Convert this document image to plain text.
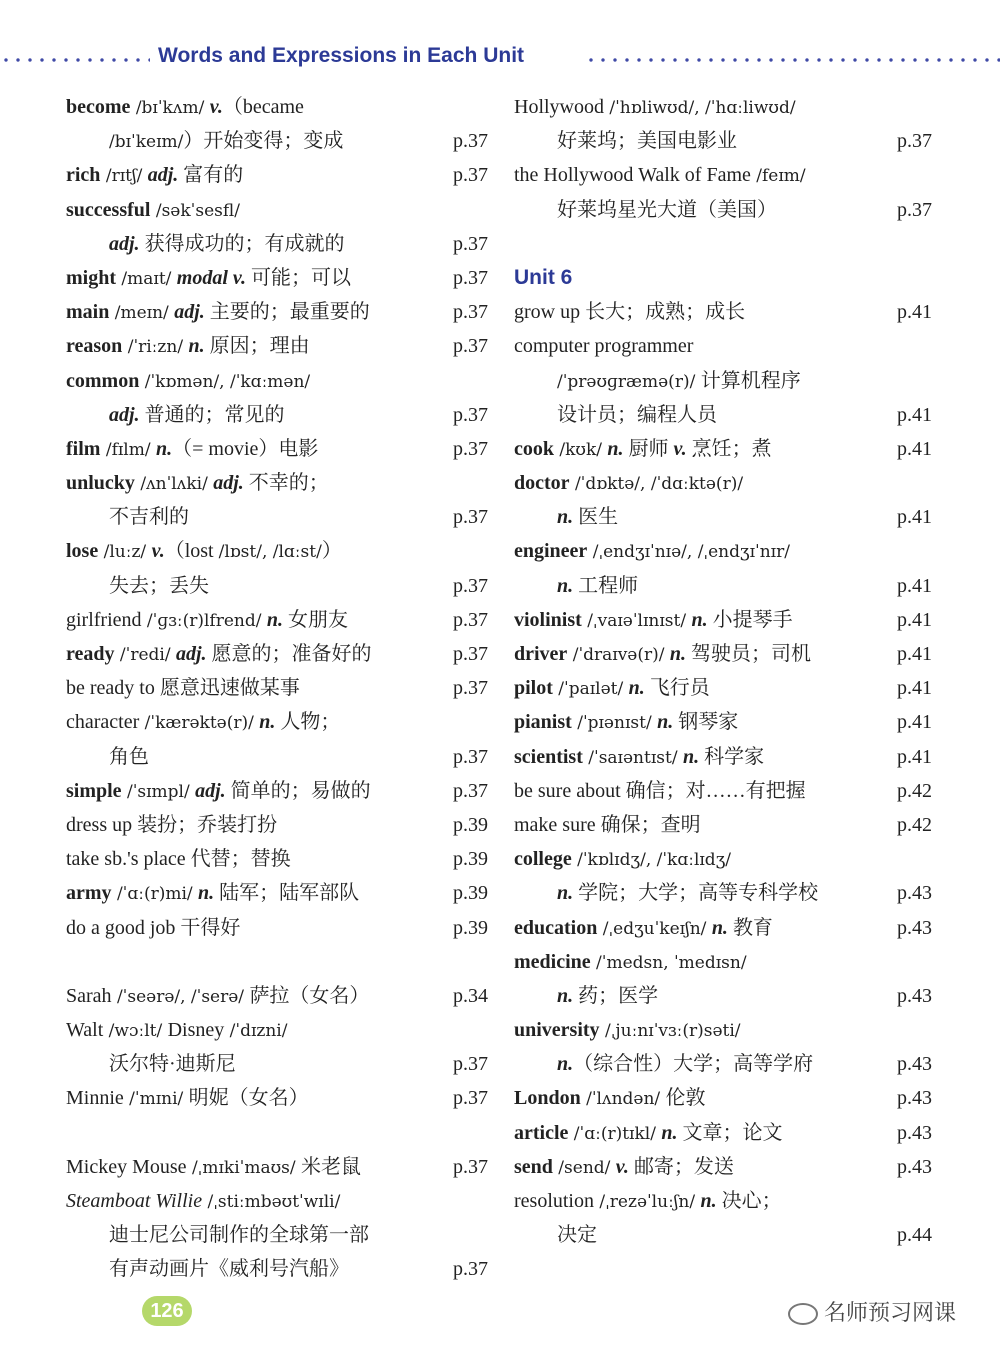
Words and Expressions in Each Unit
become /bɪˈkʌm/ v.（became
/bɪˈkeɪm/）开始变得；变成	p.37
rich /rɪtʃ/ adj. 富有的	p.37
successful /səkˈsesfl/
adj. 获得成功的；有成就的	p.37
might /maɪt/ modal v. 可能；可以	p.37
main /meɪn/ adj. 主要的；最重要的	p.37
reason /ˈriːzn/ n. 原因；理由	p.37
common /ˈkɒmən/, /ˈkɑːmən/
adj. 普通的；常见的	p.37
film /fɪlm/ n.（= movie）电影	p.37
unlucky /ʌnˈlʌki/ adj. 不幸的；
不吉利的	p.37
lose /luːz/ v.（lost /lɒst/, /lɑːst/）
失去；丢失	p.37
girlfriend /ˈɡɜː(r)lfrend/ n. 女朋友	p.37
ready /ˈredi/ adj. 愿意的；准备好的	p.37
be ready to 愿意迅速做某事	p.37
character /ˈkærəktə(r)/ n. 人物；
角色	p.37
simple /ˈsɪmpl/ adj. 简单的；易做的	p.37
dress up 装扮；乔装打扮	p.39
take sb.'s place 代替；替换	p.39
army /ˈɑː(r)mi/ n. 陆军；陆军部队	p.39
do a good job 干得好	p.39
Sarah /ˈseərə/, /ˈserə/ 萨拉（女名）	p.34
Walt /wɔːlt/ Disney /ˈdɪzni/
沃尔特·迪斯尼	p.37
Minnie /ˈmɪni/ 明妮（女名）	p.37
Mickey Mouse /ˌmɪkiˈmaʊs/ 米老鼠	p.37
Steamboat Willie /ˌstiːmbəʊtˈwɪli/
迪士尼公司制作的全球第一部
有声动画片《威利号汽船》	p.37
Hollywood /ˈhɒliwʊd/, /ˈhɑːliwʊd/
好莱坞；美国电影业	p.37
the Hollywood Walk of Fame /feɪm/
好莱坞星光大道（美国）	p.37
Unit 6
grow up 长大；成熟；成长	p.41
computer programmer
/ˈprəʊɡræmə(r)/ 计算机程序
设计员；编程人员	p.41
cook /kʊk/ n. 厨师 v. 烹饪；煮	p.41
doctor /ˈdɒktə/, /ˈdɑːktə(r)/
n. 医生	p.41
engineer /ˌendʒɪˈnɪə/, /ˌendʒɪˈnɪr/
n. 工程师	p.41
violinist /ˌvaɪəˈlɪnɪst/ n. 小提琴手	p.41
driver /ˈdraɪvə(r)/ n. 驾驶员；司机	p.41
pilot /ˈpaɪlət/ n. 飞行员	p.41
pianist /ˈpɪənɪst/ n. 钢琴家	p.41
scientist /ˈsaɪəntɪst/ n. 科学家	p.41
be sure about 确信；对……有把握	p.42
make sure 确保；查明	p.42
college /ˈkɒlɪdʒ/, /ˈkɑːlɪdʒ/
n. 学院；大学；高等专科学校	p.43
education /ˌedʒuˈkeɪʃn/ n. 教育	p.43
medicine /ˈmedsn, ˈmedɪsn/
n. 药；医学	p.43
university /ˌjuːnɪˈvɜː(r)səti/
n.（综合性）大学；高等学府	p.43
London /ˈlʌndən/ 伦敦	p.43
article /ˈɑː(r)tɪkl/ n. 文章；论文	p.43
send /send/ v. 邮寄；发送	p.43
resolution /ˌrezəˈluːʃn/ n. 决心；
决定	p.44
126	名师预习网课
